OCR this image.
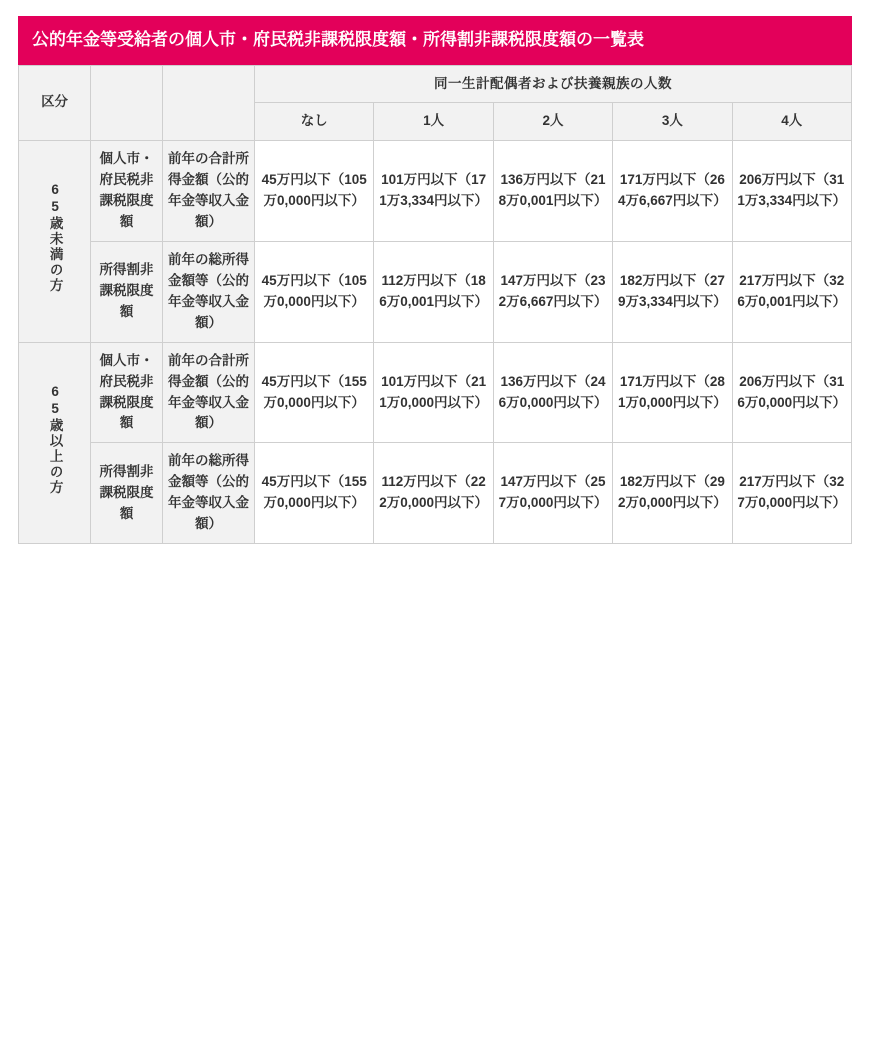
公的年金等受給者の個人市・府民税非課税限度額・所得割非課税限度額の一覧表
区分			同一生計配偶者および扶養親族の人数				
			なし	1人	2人	3人	4人
65歳未満の方	個人市・府民税非課税限度額	前年の合計所得金額（公的年金等収入金額）	45万円以下（105万0,000円以下）	101万円以下（171万3,334円以下）	136万円以下（218万0,001円以下）	171万円以下（264万6,667円以下）	206万円以下（311万3,334円以下）
	所得割非課税限度額	前年の総所得金額等（公的年金等収入金額）	45万円以下（105万0,000円以下）	112万円以下（186万0,001円以下）	147万円以下（232万6,667円以下）	182万円以下（279万3,334円以下）	217万円以下（326万0,001円以下）
65歳以上の方	個人市・府民税非課税限度額	前年の合計所得金額（公的年金等収入金額）	45万円以下（155万0,000円以下）	101万円以下（211万0,000円以下）	136万円以下（246万0,000円以下）	171万円以下（281万0,000円以下）	206万円以下（316万0,000円以下）
	所得割非課税限度額	前年の総所得金額等（公的年金等収入金額）	45万円以下（155万0,000円以下）	112万円以下（222万0,000円以下）	147万円以下（257万0,000円以下）	182万円以下（292万0,000円以下）	217万円以下（327万0,000円以下）
